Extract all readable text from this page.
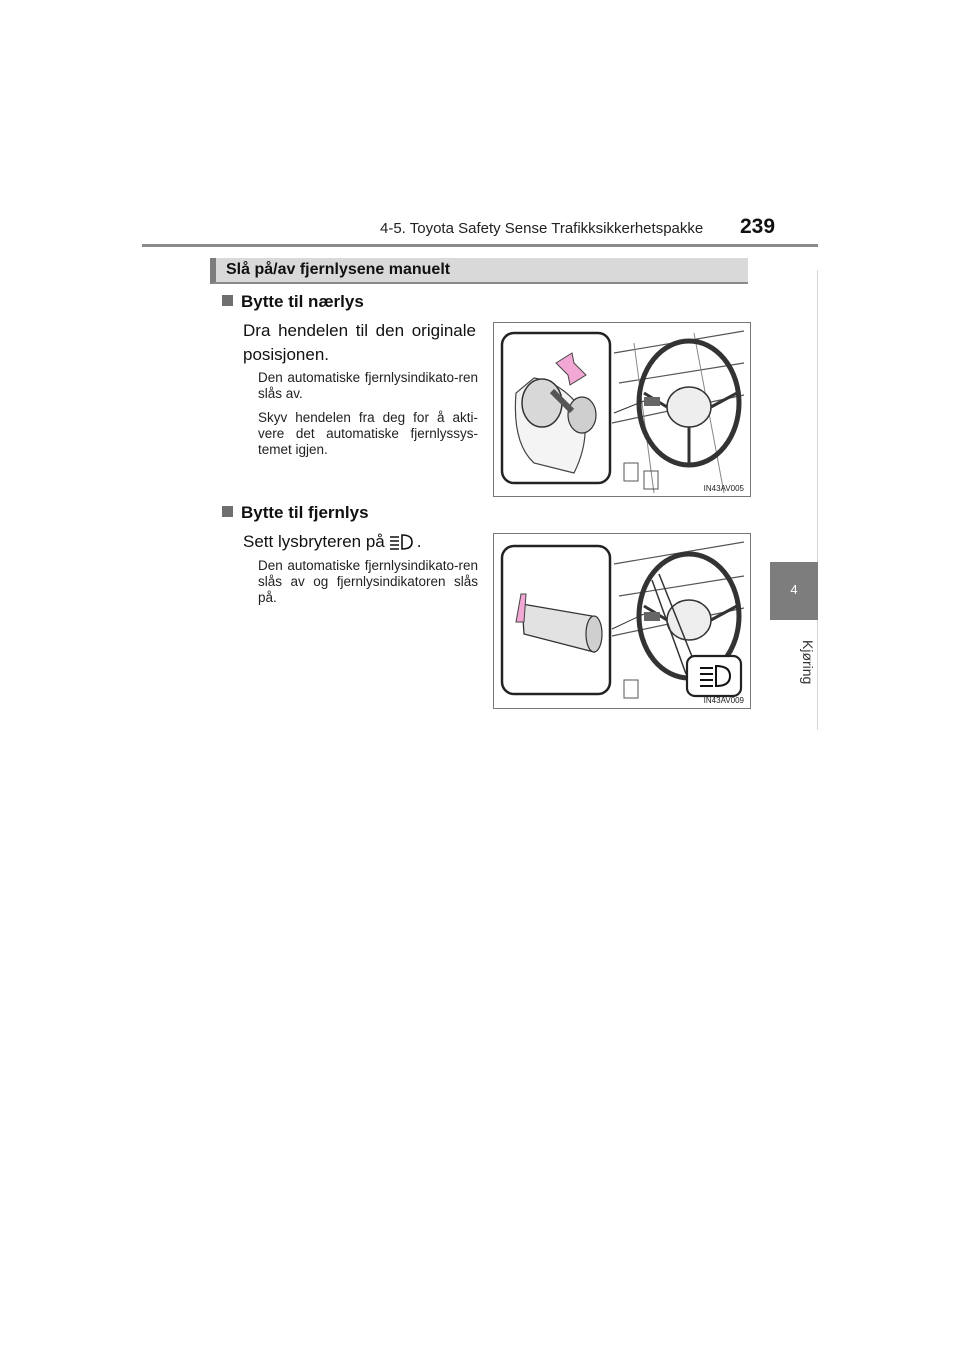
4-5. Toyota Safety Sense Trafikksikkerhetspakke 239
4
Kjøring
Slå på/av fjernlysene manuelt
Bytte til nærlys
Dra hendelen til den originale posisjonen.
Den automatiske fjernlysindikato-ren slås av.
Skyv hendelen fra deg for å akti-vere det automatiske fjernlyssys-temet igjen.
IN43AV005
Bytte til fjernlys
Sett lysbryteren på .
Den automatiske fjernlysindikato-ren slås av og fjernlysindikatoren slås på.
IN43AV009
